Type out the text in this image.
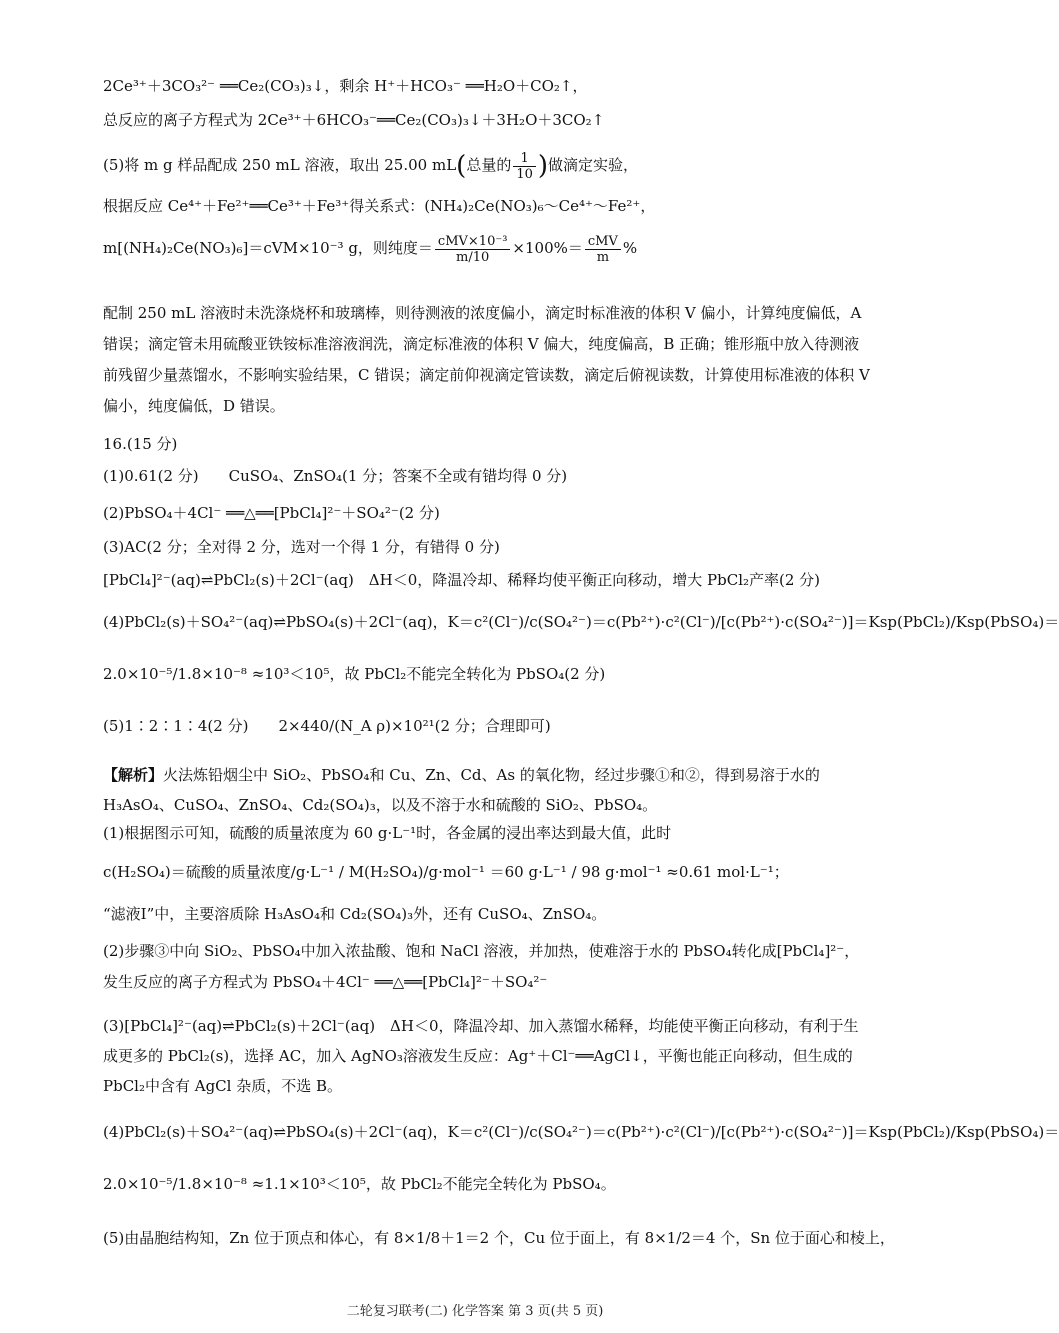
2Ce³⁺＋3CO₃²⁻ ══Ce₂(CO₃)₃↓，剩余 H⁺＋HCO₃⁻ ══H₂O＋CO₂↑，
总反应的离子方程式为 2Ce³⁺＋6HCO₃⁻══Ce₂(CO₃)₃↓＋3H₂O＋3CO₂↑
(5)将 m g 样品配成 250 mL 溶液，取出 25.00 mL(总量的 $\frac{1}{10}$ )做滴定实验，
根据反应 Ce⁴⁺＋Fe²⁺══Ce³⁺＋Fe³⁺得关系式：(NH₄)₂Ce(NO₃)₆～Ce⁴⁺～Fe²⁺，
m[(NH₄)₂Ce(NO₃)₆]＝cVM×10⁻³ g，则纯度＝ $\frac{\text{cMV×10⁻³}}{m/10} \times 100\%= \frac{\text{cMV}}{m}$ %
配制 250 mL 溶液时未洗涤烧杯和玻璃棒，则待测液的浓度偏小，滴定时标准液的体积 V 偏小，计算纯度偏低，A 错误；滴定管未用硫酸亚铁铵标准溶液润洗，滴定标准液的体积 V 偏大，纯度偏高，B 正确；锥形瓶中放入待测液前残留少量蒸馏水，不影响实验结果，C 错误；滴定前仰视滴定管读数，滴定后俯视读数，计算使用标准液的体积 V 偏小，纯度偏低，D 错误。
16.(15 分)
(1)0.61(2 分)　　CuSO₄、ZnSO₄(1 分；答案不全或有错均得 0 分)
(2)PbSO₄＋4Cl⁻ ══△══[PbCl₄]²⁻＋SO₄²⁻(2 分)
(3)AC(2 分；全对得 2 分，选对一个得 1 分，有错得 0 分)
[PbCl₄]²⁻(aq)⇌PbCl₂(s)＋2Cl⁻(aq)　ΔH＜0，降温冷却、稀释均使平衡正向移动，增大 PbCl₂产率(2 分)
(4)PbCl₂(s)＋SO₄²⁻(aq)⇌PbSO₄(s)＋2Cl⁻(aq)，K＝c²(Cl⁻)/c(SO₄²⁻)＝c(Pb²⁺)·c²(Cl⁻)/[c(Pb²⁺)·c(SO₄²⁻)]＝Ksp(PbCl₂)/Ksp(PbSO₄)＝
2.0×10⁻⁵/1.8×10⁻⁸ ≈10³＜10⁵，故 PbCl₂不能完全转化为 PbSO₄(2 分)
(5)1∶2∶1∶4(2 分)　　2×440/(N_A ρ)×10²¹(2 分；合理即可)
【解析】火法炼铅烟尘中 SiO₂、PbSO₄和 Cu、Zn、Cd、As 的氧化物，经过步骤①和②，得到易溶于水的 H₃AsO₄、CuSO₄、ZnSO₄、Cd₂(SO₄)₃，以及不溶于水和硫酸的 SiO₂、PbSO₄。
(1)根据图示可知，硫酸的质量浓度为 60 g·L⁻¹时，各金属的浸出率达到最大值，此时
c(H₂SO₄)＝硫酸的质量浓度/g·L⁻¹ / M(H₂SO₄)/g·mol⁻¹ ＝60 g·L⁻¹ / 98 g·mol⁻¹ ≈0.61 mol·L⁻¹；
“滤液Ⅰ”中，主要溶质除 H₃AsO₄和 Cd₂(SO₄)₃外，还有 CuSO₄、ZnSO₄。
(2)步骤③中向 SiO₂、PbSO₄中加入浓盐酸、饱和 NaCl 溶液，并加热，使难溶于水的 PbSO₄转化成[PbCl₄]²⁻，发生反应的离子方程式为 PbSO₄＋4Cl⁻ ══△══[PbCl₄]²⁻＋SO₄²⁻
(3)[PbCl₄]²⁻(aq)⇌PbCl₂(s)＋2Cl⁻(aq)　ΔH＜0，降温冷却、加入蒸馏水稀释，均能使平衡正向移动，有利于生成更多的 PbCl₂(s)，选择 AC，加入 AgNO₃溶液发生反应：Ag⁺＋Cl⁻══AgCl↓，平衡也能正向移动，但生成的 PbCl₂中含有 AgCl 杂质，不选 B。
(4)PbCl₂(s)＋SO₄²⁻(aq)⇌PbSO₄(s)＋2Cl⁻(aq)，K＝c²(Cl⁻)/c(SO₄²⁻)＝c(Pb²⁺)·c²(Cl⁻)/[c(Pb²⁺)·c(SO₄²⁻)]＝Ksp(PbCl₂)/Ksp(PbSO₄)＝
2.0×10⁻⁵/1.8×10⁻⁸ ≈1.1×10³＜10⁵，故 PbCl₂不能完全转化为 PbSO₄。
(5)由晶胞结构知，Zn 位于顶点和体心，有 8×1/8＋1＝2 个，Cu 位于面上，有 8×1/2＝4 个，Sn 位于面心和棱上，
二轮复习联考(二) 化学答案 第 3 页(共 5 页)
